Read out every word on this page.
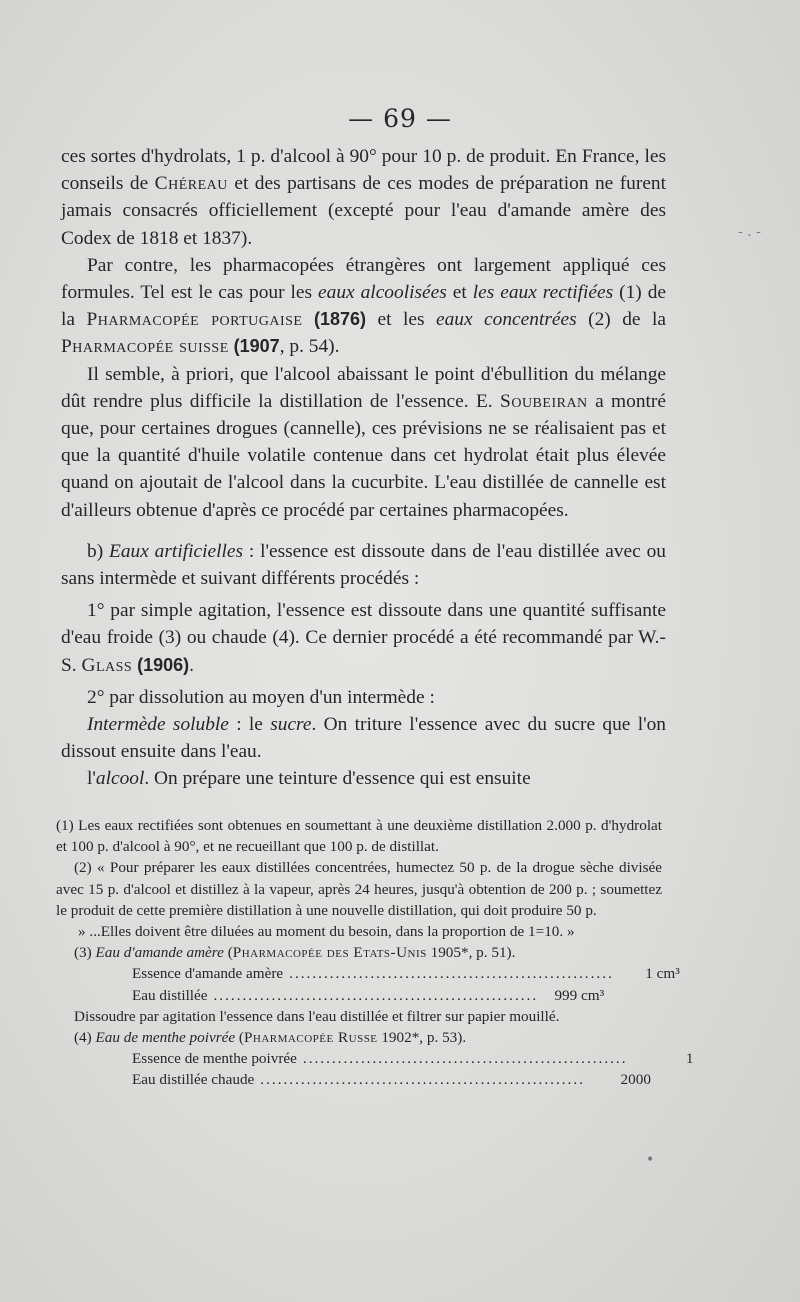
— 69 —

ces sortes d'hydrolats, 1 p. d'alcool à 90° pour 10 p. de produit. En France, les conseils de Chéreau et des partisans de ces modes de préparation ne furent jamais consacrés officiellement (excepté pour l'eau d'amande amère des Codex de 1818 et 1837).

Par contre, les pharmacopées étrangères ont largement appliqué ces formules. Tel est le cas pour les eaux alcoolisées et les eaux rectifiées (1) de la Pharmacopée portugaise (1876) et les eaux concentrées (2) de la Pharmacopée suisse (1907, p. 54).

Il semble, à priori, que l'alcool abaissant le point d'ébullition du mélange dût rendre plus difficile la distillation de l'essence. E. Soubeiran a montré que, pour certaines drogues (cannelle), ces prévisions ne se réalisaient pas et que la quantité d'huile volatile contenue dans cet hydrolat était plus élevée quand on ajoutait de l'alcool dans la cucurbite. L'eau distillée de cannelle est d'ailleurs obtenue d'après ce procédé par certaines pharmacopées.

b) Eaux artificielles : l'essence est dissoute dans de l'eau distillée avec ou sans intermède et suivant différents procédés :

1° par simple agitation, l'essence est dissoute dans une quantité suffisante d'eau froide (3) ou chaude (4). Ce dernier procédé a été recommandé par W.-S. Glass (1906).

2° par dissolution au moyen d'un intermède :

Intermède soluble : le sucre. On triture l'essence avec du sucre que l'on dissout ensuite dans l'eau.

l'alcool. On prépare une teinture d'essence qui est ensuite

(1) Les eaux rectifiées sont obtenues en soumettant à une deuxième distillation 2.000 p. d'hydrolat et 100 p. d'alcool à 90°, et ne recueillant que 100 p. de distillat.

(2) « Pour préparer les eaux distillées concentrées, humectez 50 p. de la drogue sèche divisée avec 15 p. d'alcool et distillez à la vapeur, après 24 heures, jusqu'à obtention de 200 p. ; soumettez le produit de cette première distillation à une nouvelle distillation, qui doit produire 50 p.

» ...Elles doivent être diluées au moment du besoin, dans la proportion de 1=10. »

(3) Eau d'amande amère (Pharmacopée des Etats-Unis 1905*, p. 51).

Essence d'amande amère ........................................................	1 cm³
Eau distillée ........................................................	999 cm³

Dissoudre par agitation l'essence dans l'eau distillée et filtrer sur papier mouillé.

(4) Eau de menthe poivrée (Pharmacopée Russe 1902*, p. 53).

Essence de menthe poivrée ........................................................	1
Eau distillée chaude ........................................................	2000
- . -
•
